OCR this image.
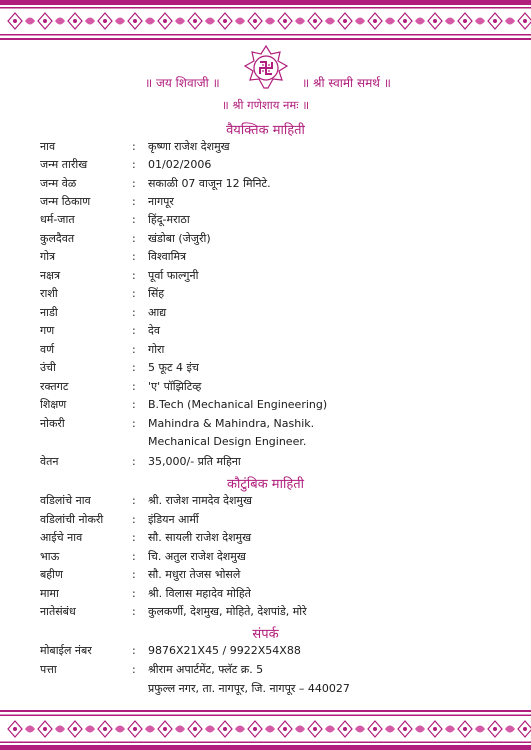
॥ जय शिवाजी ॥	॥ श्री स्वामी समर्थ ॥
॥ श्री गणेशाय नमः ॥
वैयक्तिक माहिती
नाव	: कृष्णा राजेश देशमुख
जन्म तारीख	: 01/02/2006
जन्म वेळ	: सकाळी 07 वाजून 12 मिनिटे.
जन्म ठिकाण	: नागपूर
धर्म-जात	: हिंदू-मराठा
कुलदैवत	: खंडोबा (जेजुरी)
गोत्र	: विश्वामित्र
नक्षत्र	: पूर्वा फाल्गुनी
राशी	: सिंह
नाडी	: आद्य
गण	: देव
वर्ण	: गोरा
उंची	: 5 फूट 4 इंच
रक्तगट	: 'ए' पॉझिटिव्ह
शिक्षण	: B.Tech (Mechanical Engineering)
नोकरी	: Mahindra & Mahindra, Nashik.
Mechanical Design Engineer.
वेतन	: 35,000/- प्रति महिना
कौटुंबिक माहिती
वडिलांचे नाव	: श्री. राजेश नामदेव देशमुख
वडिलांची नोकरी	: इंडियन आर्मी
आईचे नाव	: सौ. सायली राजेश देशमुख
भाऊ	: चि. अतुल राजेश देशमुख
बहीण	: सौ. मधुरा तेजस भोसले
मामा	: श्री. विलास महादेव मोहिते
नातेसंबंध	: कुलकर्णी, देशमुख, मोहिते, देशपांडे, मोरे
संपर्क
मोबाईल नंबर	: 9876X21X45 / 9922X54X88
पत्ता	: श्रीराम अपार्टमेंट, फ्लॅट क्र. 5
प्रफुल्ल नगर, ता. नागपूर, जि. नागपूर – 440027
